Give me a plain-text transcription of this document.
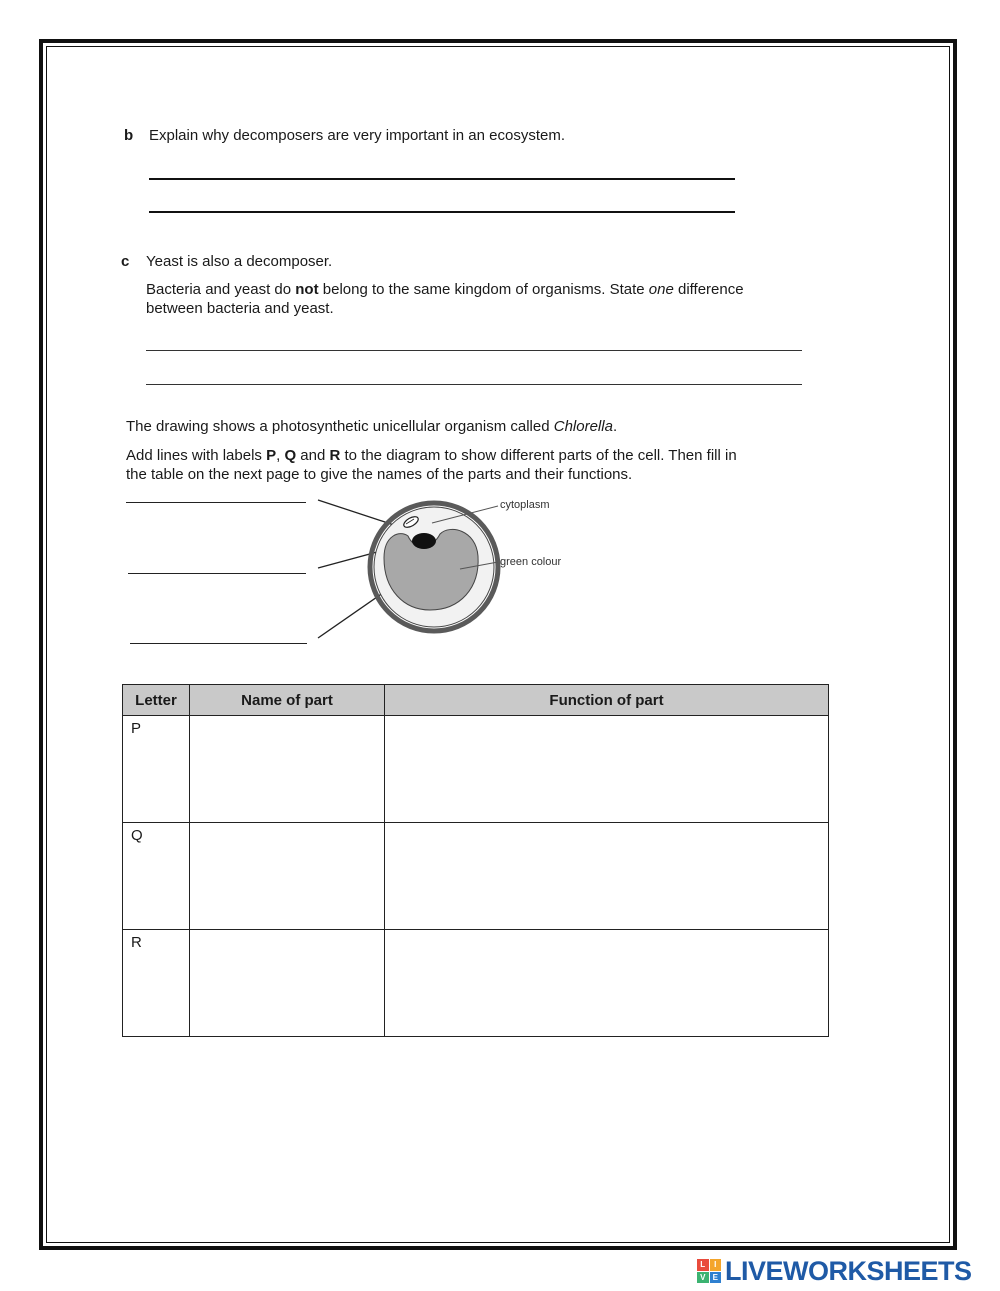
b Explain why decomposers are very important in an ecosystem.
c Yeast is also a decomposer.
Bacteria and yeast do not belong to the same kingdom of organisms. State one difference
between bacteria and yeast.
The drawing shows a photosynthetic unicellular organism called Chlorella.
Add lines with labels P, Q and R to the diagram to show different parts of the cell. Then fill in
the table on the next page to give the names of the parts and their functions.
cytoplasm
green colour
Letter	Name of part	Function of part
P		
Q		
R		
L	I
V E LIVEWORKSHEETS
